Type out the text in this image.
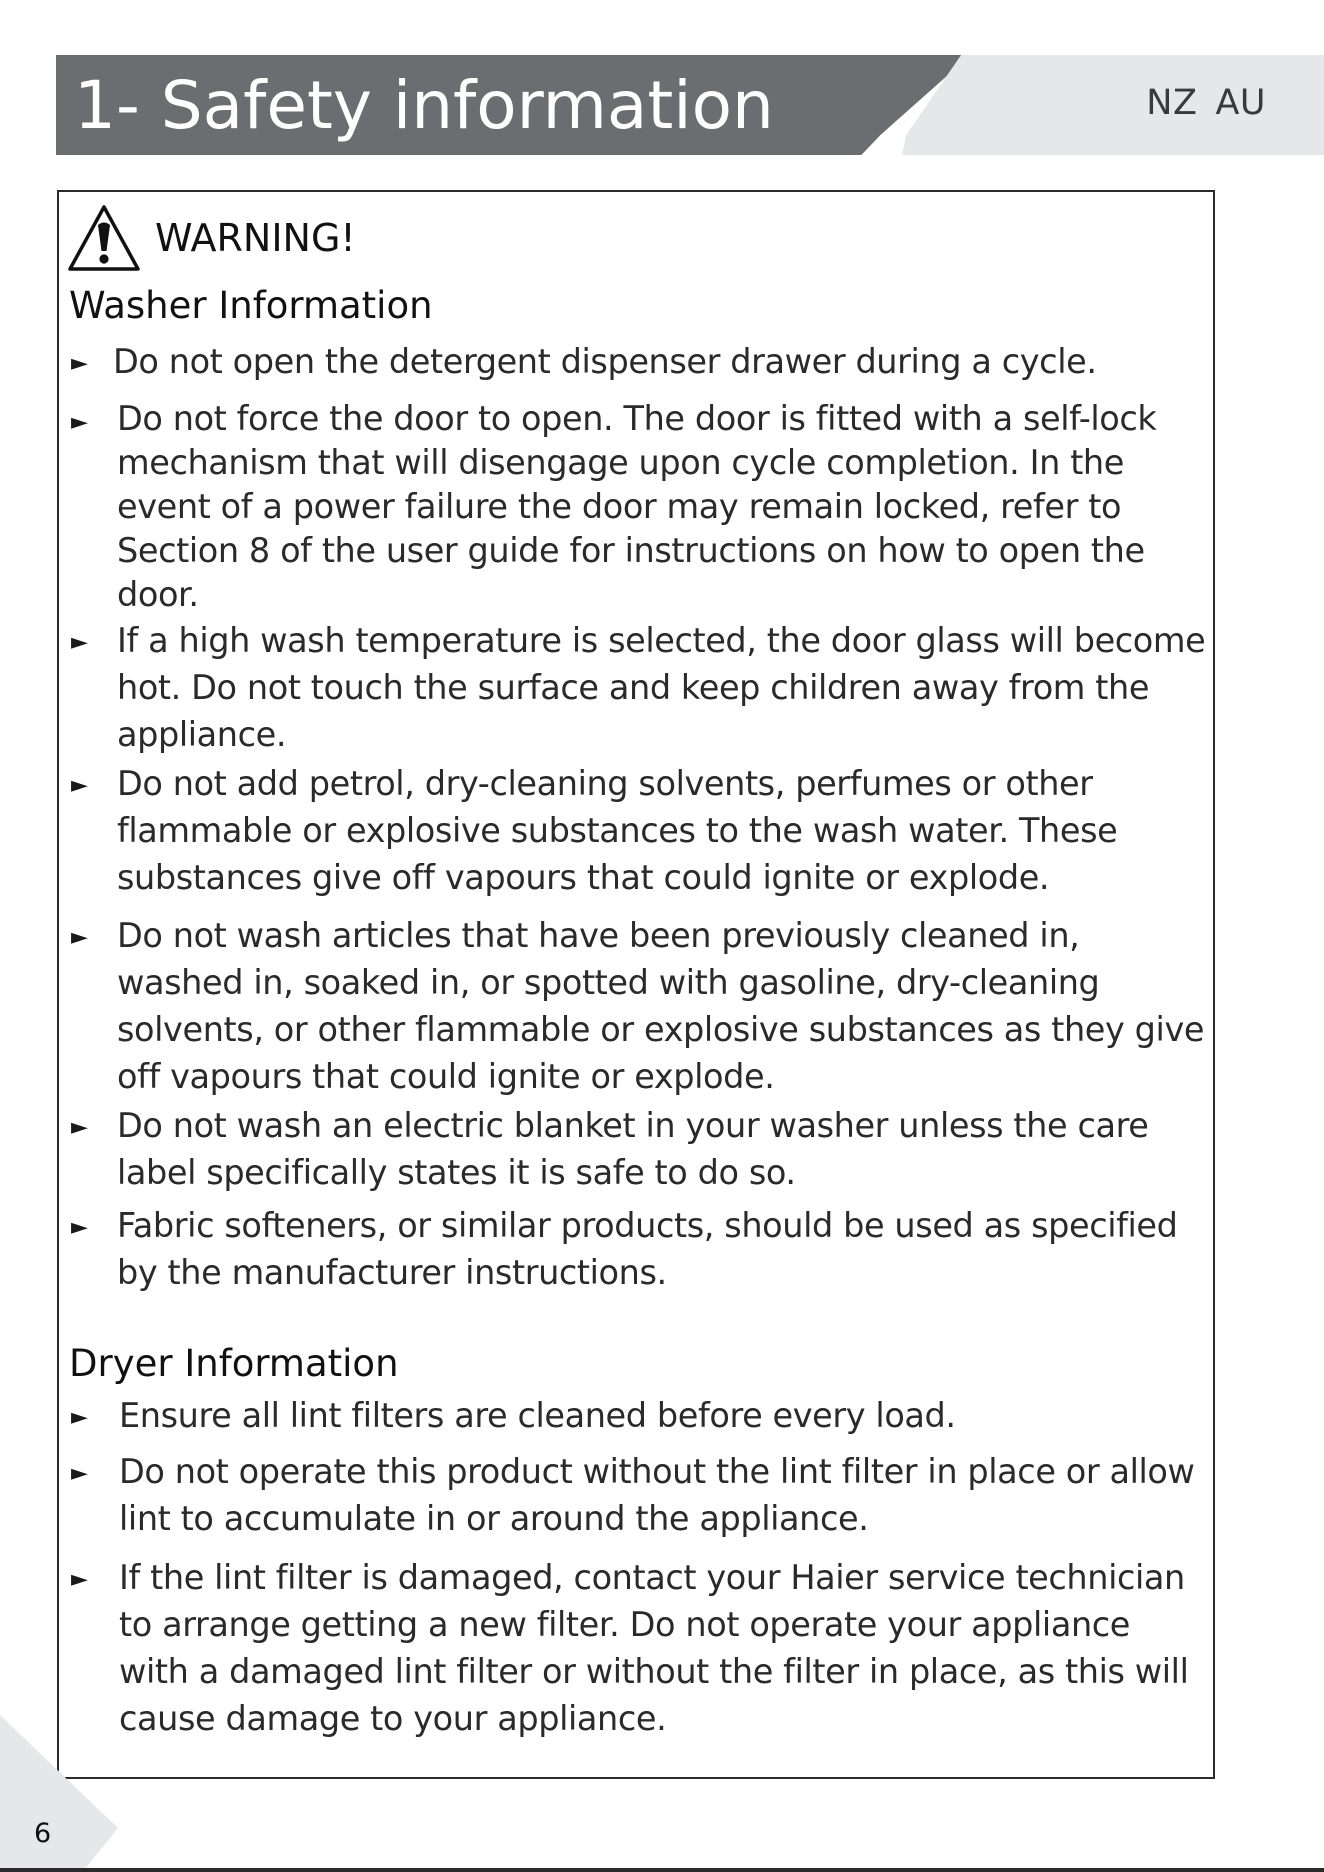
1- Safety information	NZ AU
WARNING!
Washer Information
► Do not open the detergent dispenser drawer during a cycle.

► Do not force the door to open. The door is fitted with a self-lock mechanism that will disengage upon cycle completion. In the event of a power failure the door may remain locked, refer to Section 8 of the user guide for instructions on how to open the door.

► If a high wash temperature is selected, the door glass will become hot. Do not touch the surface and keep children away from the appliance.

► Do not add petrol, dry-cleaning solvents, perfumes or other flammable or explosive substances to the wash water. These substances give off vapours that could ignite or explode.

► Do not wash articles that have been previously cleaned in, washed in, soaked in, or spotted with gasoline, dry-cleaning solvents, or other flammable or explosive substances as they give off vapours that could ignite or explode.

► Do not wash an electric blanket in your washer unless the care label specifically states it is safe to do so.

► Fabric softeners, or similar products, should be used as specified by the manufacturer instructions.

Dryer Information
► Ensure all lint filters are cleaned before every load.

► Do not operate this product without the lint filter in place or allow lint to accumulate in or around the appliance.

► If the lint filter is damaged, contact your Haier service technician to arrange getting a new filter. Do not operate your appliance with a damaged lint filter or without the filter in place, as this will cause damage to your appliance.

6
